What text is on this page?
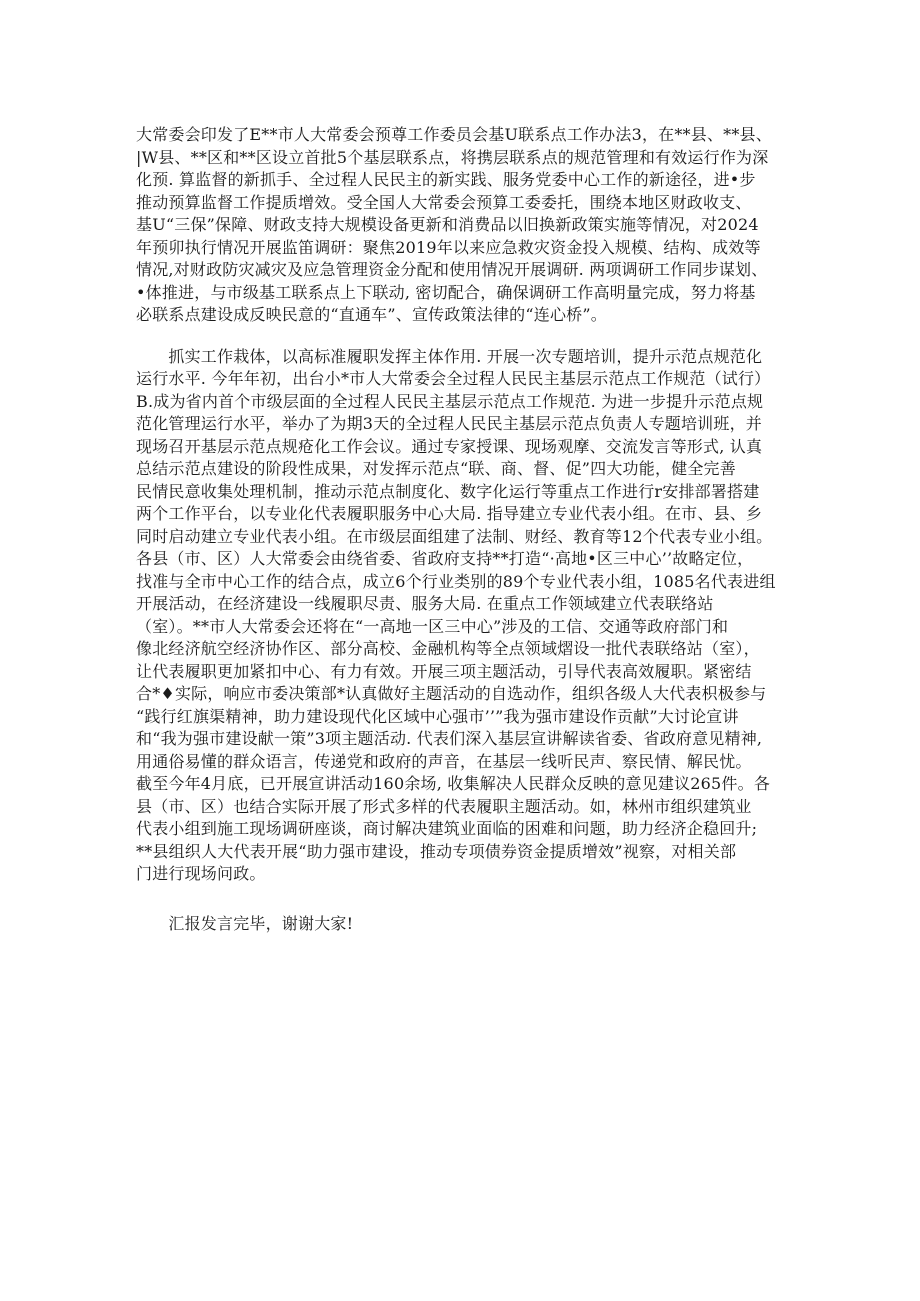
大常委会印发了E**市人大常委会预尊工作委员会基U联系点工作办法3，在**县、**县、
|W县、**区和**区设立首批5个基层联系点，将携层联系点的规范管理和有效运行作为深
化预. 算监督的新抓手、全过程人民民主的新实践、服务党委中心工作的新途径，进•步
推动预算监督工作提质增效。受全国人大常委会预算工委委托，围绕本地区财政收支、
基U“三保”保障、财政支持大规模设备更新和消费品以旧换新政策实施等情况，对2024
年预卯执行情况开展监笛调研：聚焦2019年以来应急救灾资金投入规模、结构、成效等
情况,对财政防灾减灾及应急管理资金分配和使用情况开展调研. 两项调研工作同步谋划、
•体推进，与市级基工联系点上下联动, 密切配合，确保调研工作高明量完成，努力将基
必联系点建设成反映民意的“直通车”、宣传政策法律的“连心桥”。
　　抓实工作栽体，以高标准履职发挥主体作用. 开展一次专题培训，提升示范点规范化
运行水平. 今年年初，出台小*市人大常委会全过程人民民主基层示范点工作规范（试行）
B.成为省内首个市级层面的全过程人民民主基层示范点工作规范. 为进一步提升示范点规
范化管理运行水平，举办了为期3天的全过程人民民主基层示范点负责人专题培训班，并
现场召开基层示范点规疮化工作会议。通过专家授课、现场观摩、交流发言等形式, 认真
总结示范点建设的阶段性成果，对发挥示范点“联、商、督、促”四大功能，健全完善
民情民意收集处理机制，推动示范点制度化、数字化运行等重点工作进行r安排部署搭建
两个工作平台，以专业化代表履职服务中心大局. 指导建立专业代表小组。在市、县、乡
同时启动建立专业代表小组。在市级层面组建了法制、财经、教育等12个代表专业小组。
各县（市、区）人大常委会由绕省委、省政府支持**打造“·高地•区三中心’’故略定位，
找准与全市中心工作的结合点，成立6个行业类别的89个专业代表小组，1085名代表进组
开展活动，在经济建设一线履职尽责、服务大局. 在重点工作领域建立代表联络站
（室）。**市人大常委会还将在“一高地一区三中心”涉及的工信、交通等政府部门和
像北经济航空经济协作区、部分高校、金融机构等全点领域熠设一批代表联络站（室），
让代表履职更加紧扣中心、有力有效。开展三项主题活动，引导代表高效履职。紧密结
合*♦实际，响应市委决策部*认真做好主题活动的自选动作，组织各级人大代表枳极参与
“践行红旗渠精神，助力建设现代化区域中心强市’’”我为强市建设作贡献”大讨论宣讲
和“我为强市建设献一策”3项主题活动. 代表们深入基层宣讲解读省委、省政府意见精神,
用通俗易懂的群众语言，传递党和政府的声音，在基层一线听民声、察民情、解民忧。
截至今年4月底，已开展宣讲活动160余场, 收集解决人民群众反映的意见建议265件。各
县（市、区）也结合实际开展了形式多样的代表履职主题活动。如，林州市组织建筑业
代表小组到施工现场调研座谈，商讨解决建筑业面临的困难和问题，助力经济企稳回升;
**县组织人大代表开展“助力强市建设，推动专项债券资金提质增效”视察，对相关部
门进行现场问政。
　　汇报发言完毕，谢谢大家!
